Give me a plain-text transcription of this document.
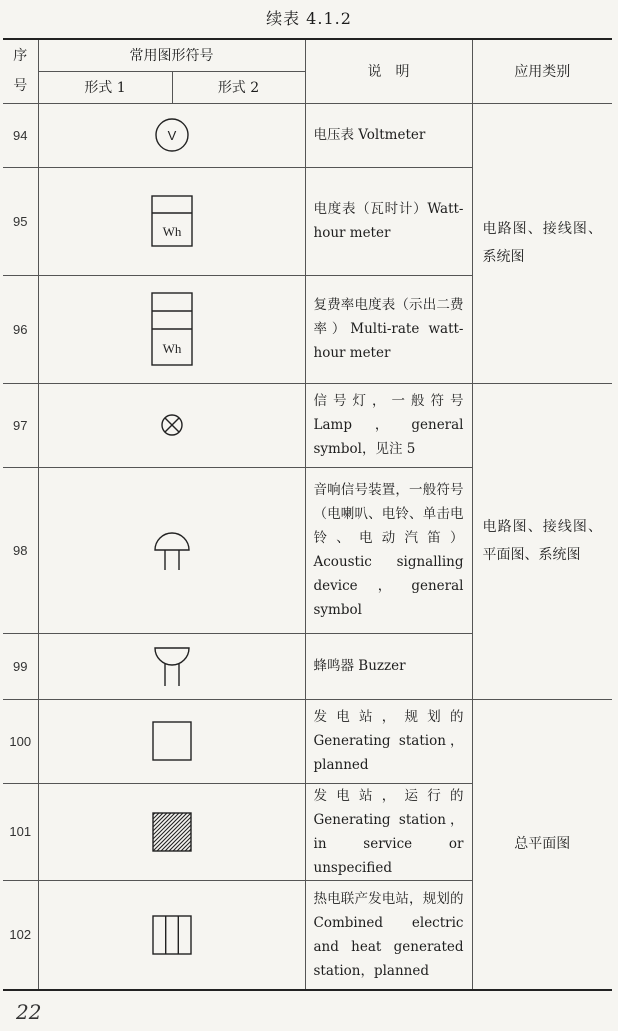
续表 4.1.2
序号	常用图形符号		说　明	应用类别
	形式 1	形式 2		
94	V		电压表 Voltmeter	电路图、接线图、系统图
95	Wh		电度表（瓦时计）Watt-hour meter	
96	Wh		复费率电度表（示出二费率）Multi-rate watt-hour meter	
97			信号灯，一般符号 Lamp，general symbol，见注 5	电路图、接线图、平面图、系统图
98			音响信号装置，一般符号（电喇叭、电铃、单击电铃、电动汽笛）Acoustic signalling device，general symbol	
99			蜂鸣器 Buzzer	
100			发电站，规划的 Generating station，planned	总平面图
101			发电站，运行的 Generating station，in service or unspecified	
102			热电联产发电站，规划的 Combined electric and heat generated station，planned	
22
